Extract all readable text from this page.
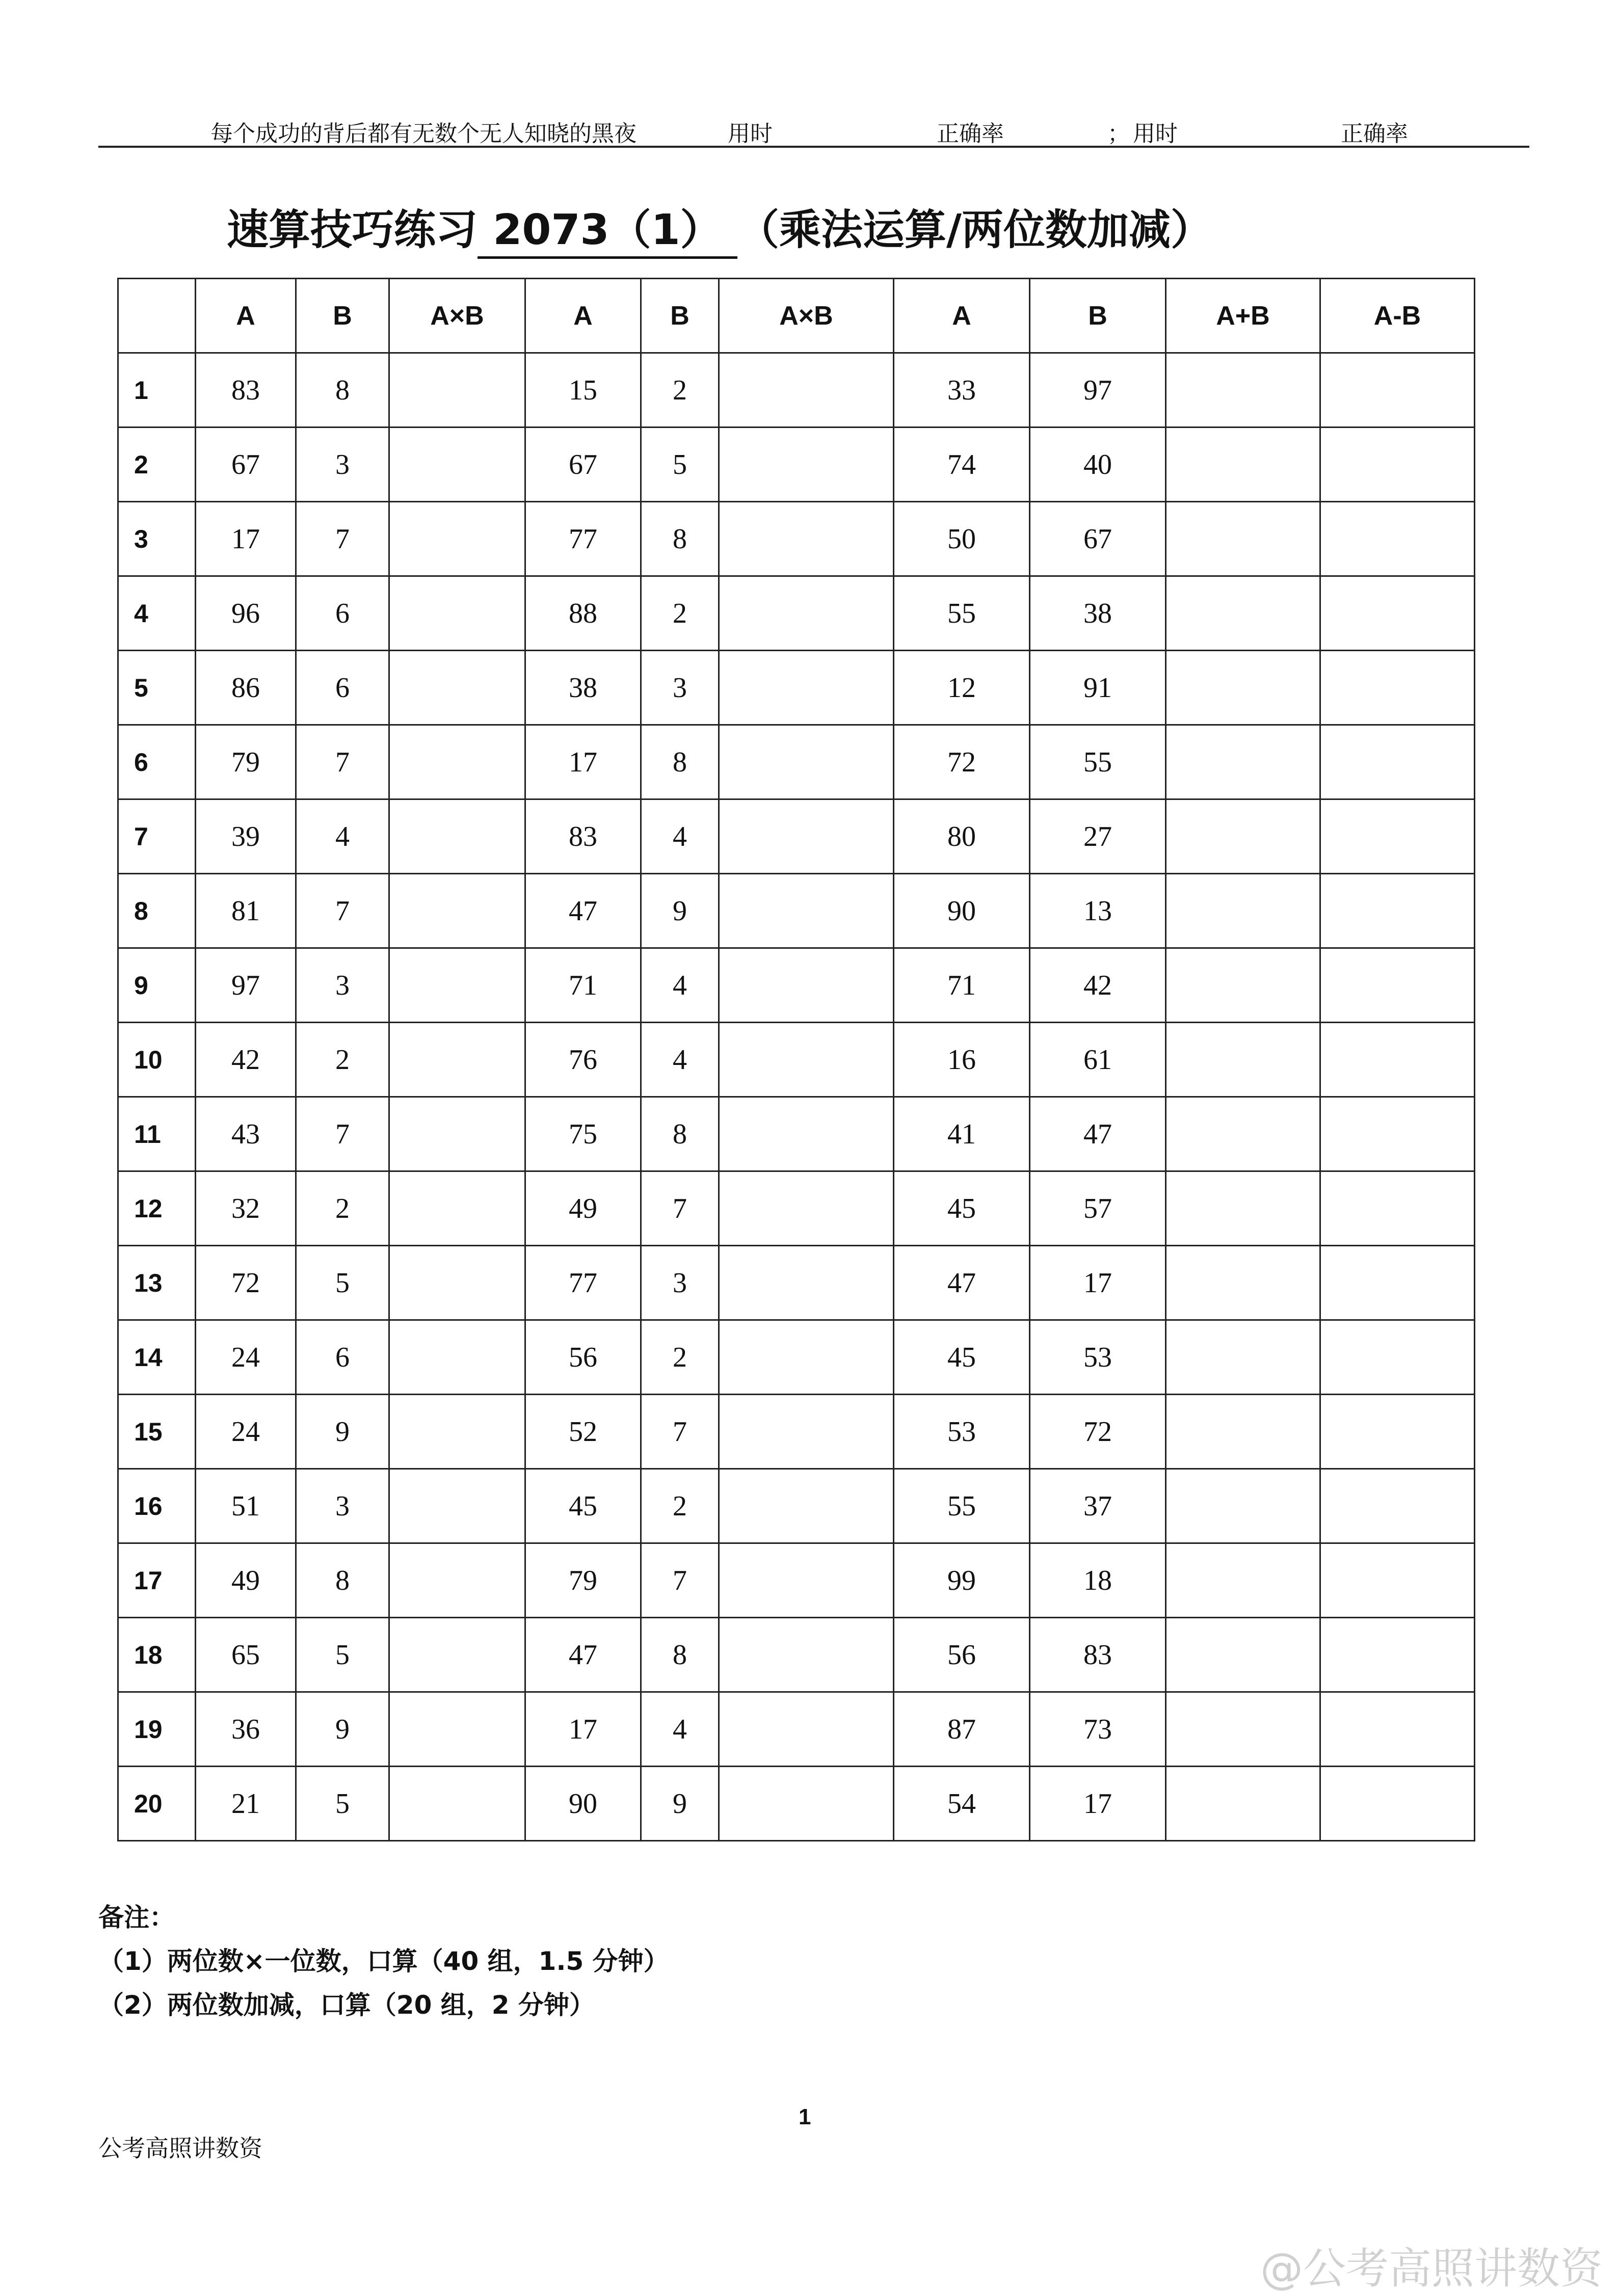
每个成功的背后都有无数个无人知晓的黑夜	用时	正确率	； 用时	正确率
速算技巧练习 2073（1） （乘法运算/两位数加减）
	A	B	A×B	A	B	A×B	A	B	A+B	A-B
1	83	8		15	2		33	97		
2	67	3		67	5		74	40		
3	17	7		77	8		50	67		
4	96	6		88	2		55	38		
5	86	6		38	3		12	91		
6	79	7		17	8		72	55		
7	39	4		83	4		80	27		
8	81	7		47	9		90	13		
9	97	3		71	4		71	42		
10	42	2		76	4		16	61		
11	43	7		75	8		41	47		
12	32	2		49	7		45	57		
13	72	5		77	3		47	17		
14	24	6		56	2		45	53		
15	24	9		52	7		53	72		
16	51	3		45	2		55	37		
17	49	8		79	7		99	18		
18	65	5		47	8		56	83		
19	36	9		17	4		87	73		
20	21	5		90	9		54	17		
备注：
（1）两位数×一位数，口算（40 组，1.5 分钟）
（2）两位数加减，口算（20 组，2 分钟）
1
公考高照讲数资
@公考高照讲数资
